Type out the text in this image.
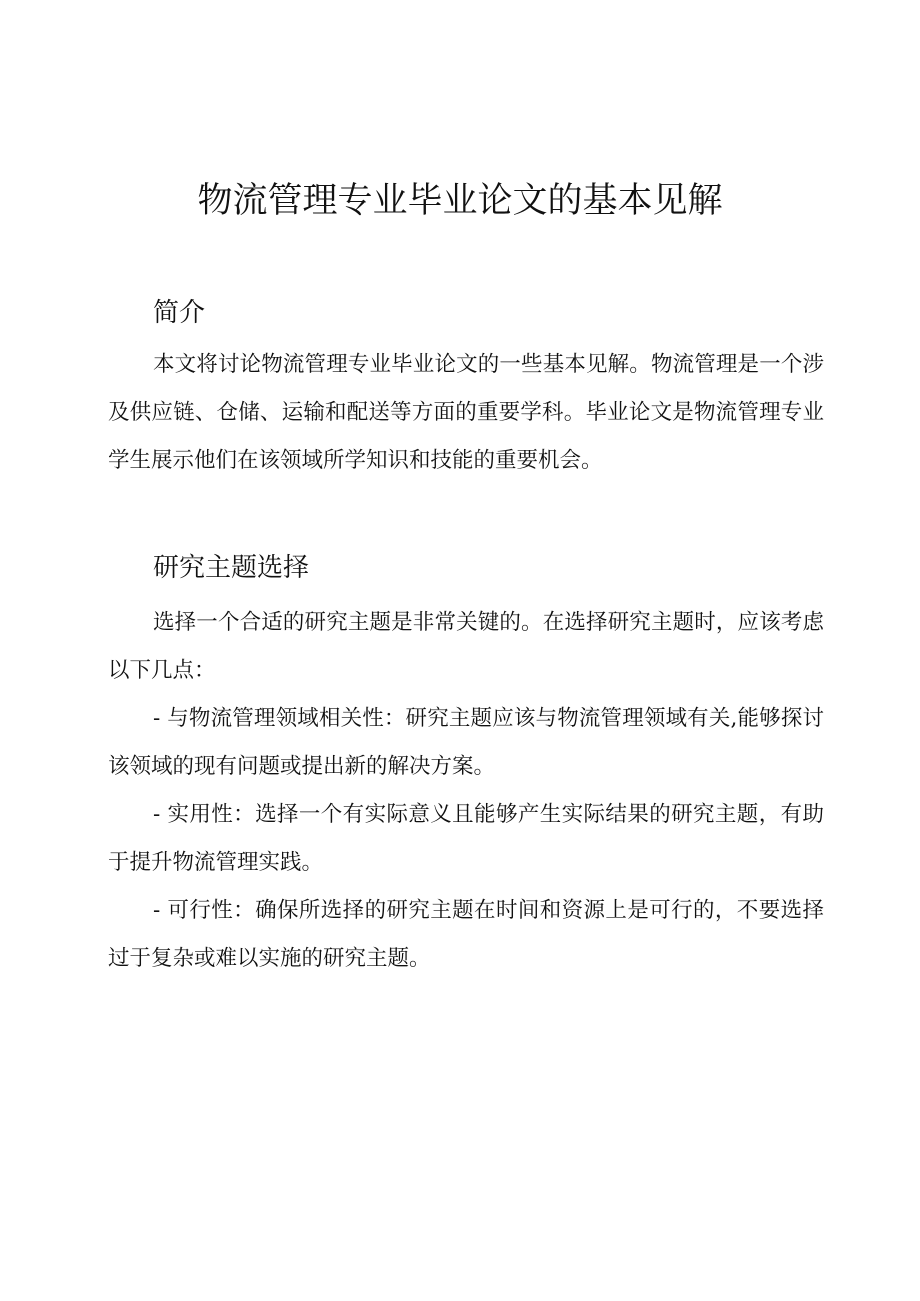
物流管理专业毕业论文的基本见解
简介

本文将讨论物流管理专业毕业论文的一些基本见解。物流管理是一个涉及供应链、仓储、运输和配送等方面的重要学科。毕业论文是物流管理专业学生展示他们在该领域所学知识和技能的重要机会。

研究主题选择

选择一个合适的研究主题是非常关键的。在选择研究主题时，应该考虑以下几点：

- 与物流管理领域相关性：研究主题应该与物流管理领域有关,能够探讨该领域的现有问题或提出新的解决方案。

- 实用性：选择一个有实际意义且能够产生实际结果的研究主题，有助于提升物流管理实践。

- 可行性：确保所选择的研究主题在时间和资源上是可行的，不要选择过于复杂或难以实施的研究主题。
